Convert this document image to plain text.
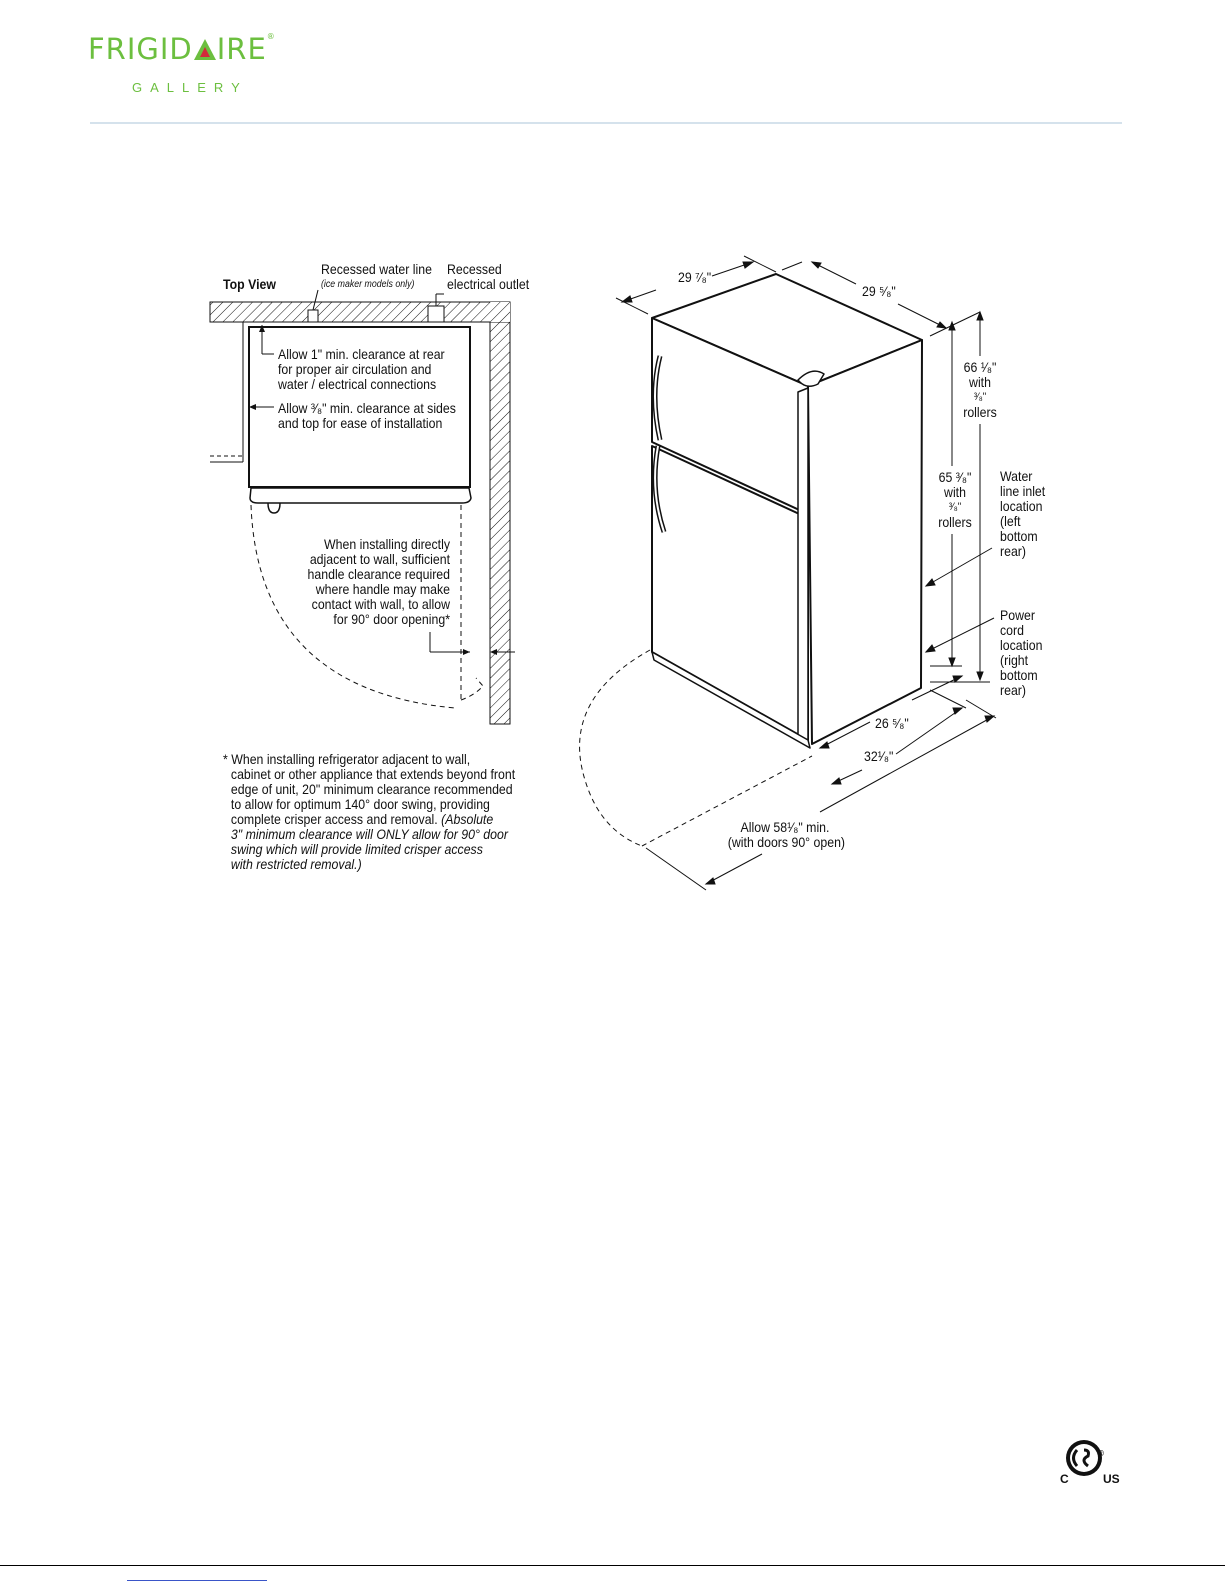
FRIGID IRE®
GALLERY
Top View
Recessed water line
(ice maker models only)
Recessed
electrical outlet
Allow 1" min. clearance at rear
for proper air circulation and
water / electrical connections
Allow ³⁄₈" min. clearance at sides
and top for ease of installation
When installing directly
adjacent to wall, sufficient
handle clearance required
where handle may make
contact with wall, to allow
for 90° door opening*
* When installing refrigerator adjacent to wall,
cabinet or other appliance that extends beyond front
edge of unit, 20" minimum clearance recommended
to allow for optimum 140° door swing, providing
complete crisper access and removal. (Absolute
3" minimum clearance will ONLY allow for 90° door
swing which will provide limited crisper access
with restricted removal.)
29 ⁷⁄₈"
29 ⁵⁄₈"
66 ¹⁄₈"
with
³⁄₈"
rollers
65 ³⁄₈"
with
³⁄₈"
rollers
Water
line inlet
location
(left
bottom
rear)
Power
cord
location
(right
bottom
rear)
26 ⁵⁄₈"
32¹⁄₈"
Allow 58¹⁄₈" min.
(with doors 90° open)
®
C	US
